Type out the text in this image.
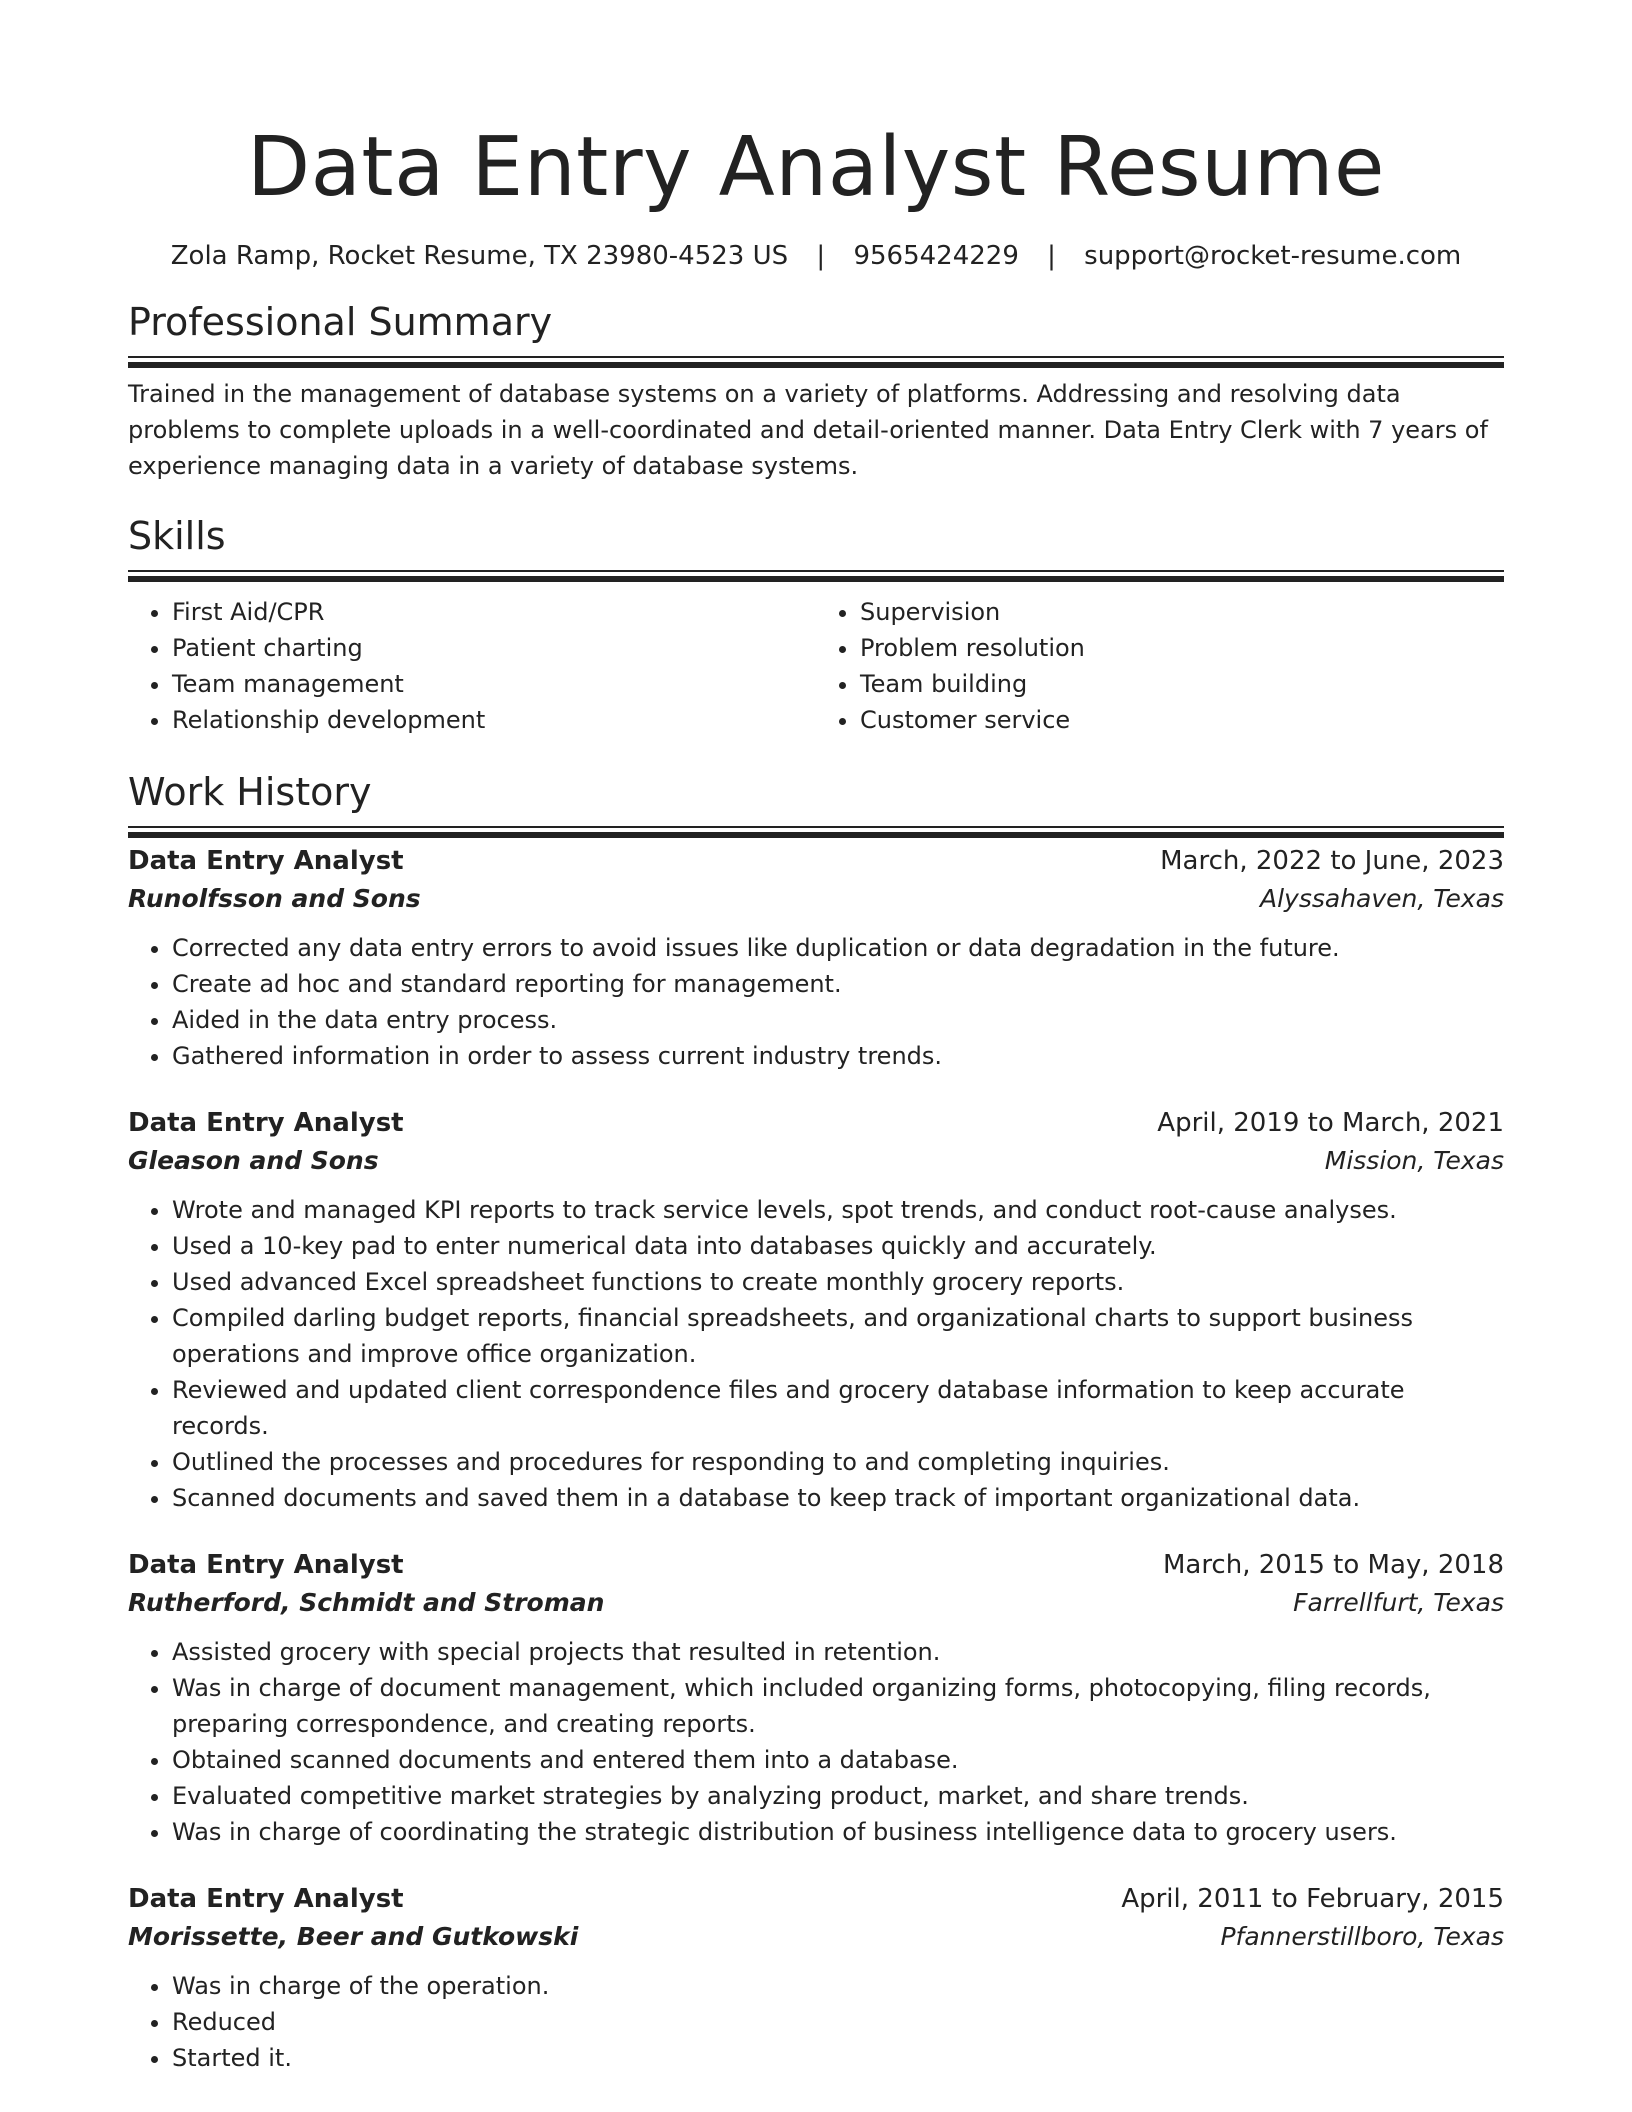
Data Entry Analyst Resume
Zola Ramp, Rocket Resume, TX 23980-4523 US | 9565424229 | support@rocket-resume.com
Professional Summary

Trained in the management of database systems on a variety of platforms. Addressing and resolving data problems to complete uploads in a well-coordinated and detail-oriented manner. Data Entry Clerk with 7 years of experience managing data in a variety of database systems.

Skills
• First Aid/CPR
• Patient charting
• Team management
• Relationship development
• Supervision
• Problem resolution
• Team building
• Customer service
Work History
Data Entry Analyst	March, 2022 to June, 2023
Runolfsson and Sons	Alyssahaven, Texas
• Corrected any data entry errors to avoid issues like duplication or data degradation in the future.
• Create ad hoc and standard reporting for management.
• Aided in the data entry process.
• Gathered information in order to assess current industry trends.
Data Entry Analyst	April, 2019 to March, 2021
Gleason and Sons	Mission, Texas
• Wrote and managed KPI reports to track service levels, spot trends, and conduct root-cause analyses.
• Used a 10-key pad to enter numerical data into databases quickly and accurately.
• Used advanced Excel spreadsheet functions to create monthly grocery reports.
• Compiled darling budget reports, financial spreadsheets, and organizational charts to support business operations and improve office organization.
• Reviewed and updated client correspondence files and grocery database information to keep accurate records.
• Outlined the processes and procedures for responding to and completing inquiries.
• Scanned documents and saved them in a database to keep track of important organizational data.
Data Entry Analyst	March, 2015 to May, 2018
Rutherford, Schmidt and Stroman	Farrellfurt, Texas
• Assisted grocery with special projects that resulted in retention.
• Was in charge of document management, which included organizing forms, photocopying, filing records, preparing correspondence, and creating reports.
• Obtained scanned documents and entered them into a database.
• Evaluated competitive market strategies by analyzing product, market, and share trends.
• Was in charge of coordinating the strategic distribution of business intelligence data to grocery users.
Data Entry Analyst	April, 2011 to February, 2015
Morissette, Beer and Gutkowski	Pfannerstillboro, Texas
• Was in charge of the operation.
• Reduced
• Started it.
